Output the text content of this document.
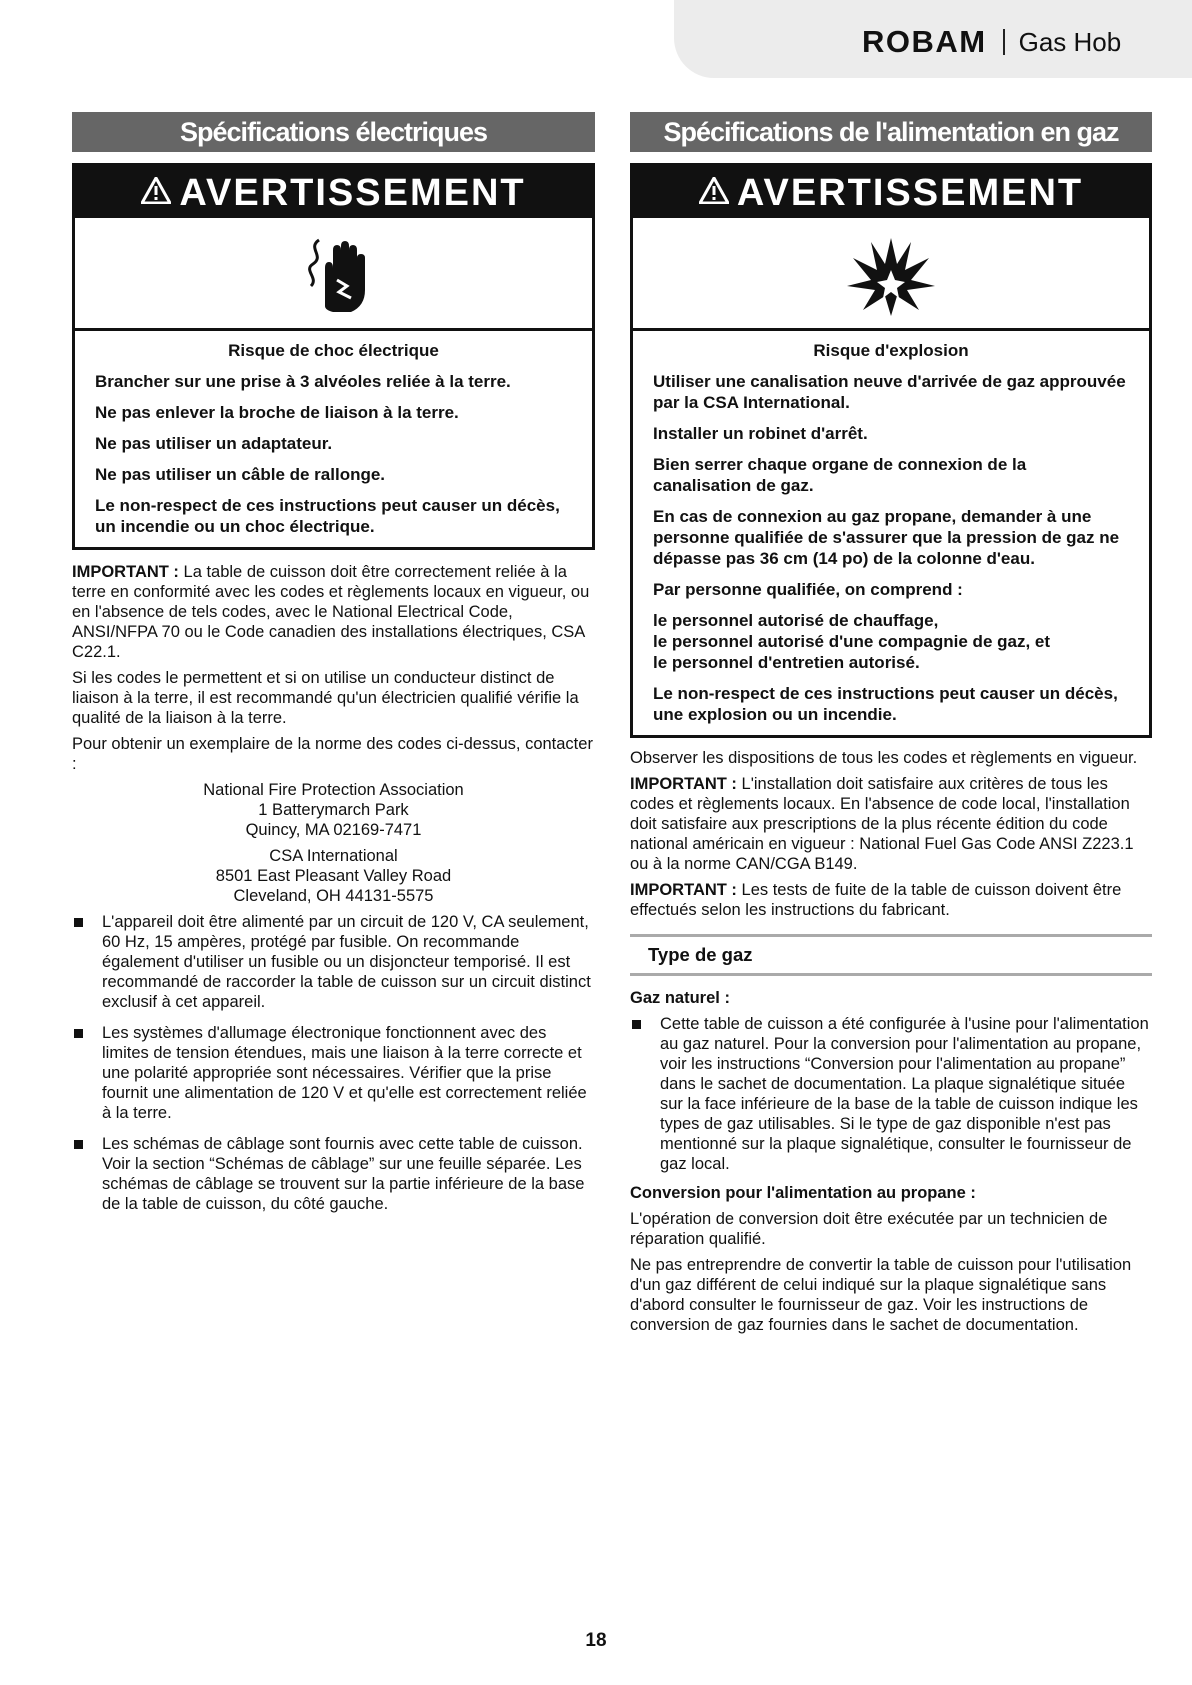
ROBAM Gas Hob
Spécifications électriques
AVERTISSEMENT
Risque de choc électrique

Brancher sur une prise à 3 alvéoles reliée à la terre.

Ne pas enlever la broche de liaison à la terre.

Ne pas utiliser un adaptateur.

Ne pas utiliser un câble de rallonge.

Le non-respect de ces instructions peut causer un décès, un incendie ou un choc électrique.

IMPORTANT : La table de cuisson doit être correctement reliée à la terre en conformité avec les codes et règlements locaux en vigueur, ou en l'absence de tels codes, avec le National Electrical Code, ANSI/NFPA 70 ou le Code canadien des installations électriques, CSA C22.1.

Si les codes le permettent et si on utilise un conducteur distinct de liaison à la terre, il est recommandé qu'un électricien qualifié vérifie la qualité de la liaison à la terre.

Pour obtenir un exemplaire de la norme des codes ci-dessus, contacter :

National Fire Protection Association
1 Batterymarch Park
Quincy, MA 02169-7471
CSA International
8501 East Pleasant Valley Road
Cleveland, OH 44131-5575
L'appareil doit être alimenté par un circuit de 120 V, CA seulement, 60 Hz, 15 ampères, protégé par fusible. On recommande également d'utiliser un fusible ou un disjoncteur temporisé. Il est recommandé de raccorder la table de cuisson sur un circuit distinct exclusif à cet appareil.
Les systèmes d'allumage électronique fonctionnent avec des limites de tension étendues, mais une liaison à la terre correcte et une polarité appropriée sont nécessaires. Vérifier que la prise fournit une alimentation de 120 V et qu'elle est correctement reliée à la terre.
Les schémas de câblage sont fournis avec cette table de cuisson. Voir la section “Schémas de câblage” sur une feuille séparée. Les schémas de câblage se trouvent sur la partie inférieure de la base de la table de cuisson, du côté gauche.
Spécifications de l'alimentation en gaz
AVERTISSEMENT
Risque d'explosion

Utiliser une canalisation neuve d'arrivée de gaz approuvée par la CSA International.

Installer un robinet d'arrêt.

Bien serrer chaque organe de connexion de la canalisation de gaz.

En cas de connexion au gaz propane, demander à une personne qualifiée de s'assurer que la pression de gaz ne dépasse pas 36 cm (14 po) de la colonne d'eau.

Par personne qualifiée, on comprend :

le personnel autorisé de chauffage,
le personnel autorisé d'une compagnie de gaz, et
le personnel d'entretien autorisé.

Le non-respect de ces instructions peut causer un décès, une explosion ou un incendie.

Observer les dispositions de tous les codes et règlements en vigueur.

IMPORTANT : L'installation doit satisfaire aux critères de tous les codes et règlements locaux. En l'absence de code local, l'installation doit satisfaire aux prescriptions de la plus récente édition du code national américain en vigueur : National Fuel Gas Code ANSI Z223.1 ou à la norme CAN/CGA B149.

IMPORTANT : Les tests de fuite de la table de cuisson doivent être effectués selon les instructions du fabricant.

Type de gaz
Gaz naturel :
Cette table de cuisson a été configurée à l'usine pour l'alimentation au gaz naturel. Pour la conversion pour l'alimentation au propane, voir les instructions “Conversion pour l'alimentation au propane” dans le sachet de documentation. La plaque signalétique située sur la face inférieure de la base de la table de cuisson indique les types de gaz utilisables. Si le type de gaz disponible n'est pas mentionné sur la plaque signalétique, consulter le fournisseur de gaz local.
Conversion pour l'alimentation au propane :

L'opération de conversion doit être exécutée par un technicien de réparation qualifié.

Ne pas entreprendre de convertir la table de cuisson pour l'utilisation d'un gaz différent de celui indiqué sur la plaque signalétique sans d'abord consulter le fournisseur de gaz. Voir les instructions de conversion de gaz fournies dans le sachet de documentation.

18
